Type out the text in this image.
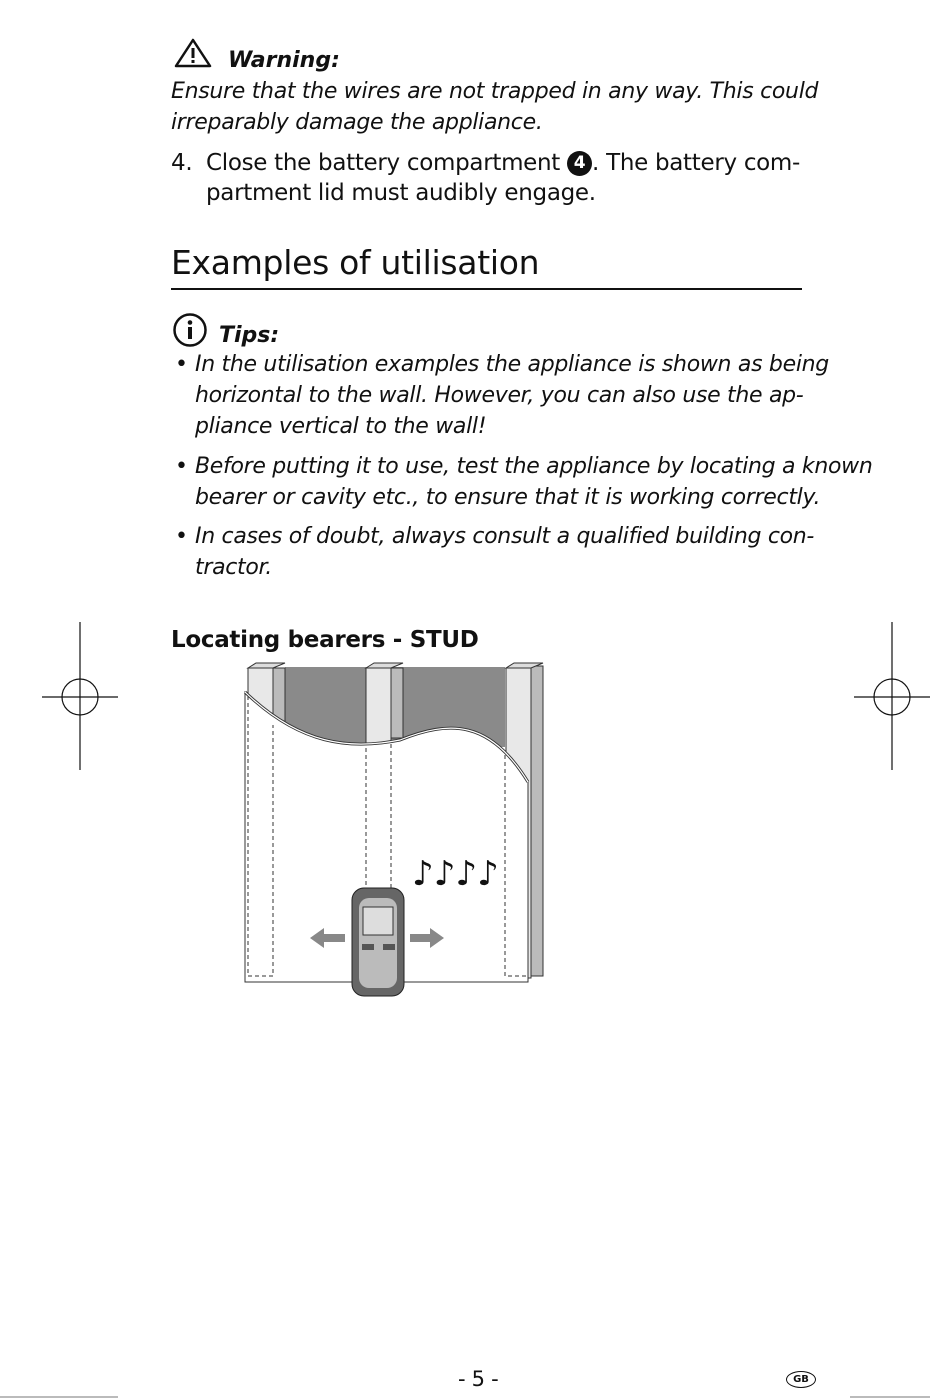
Warning:
Ensure that the wires are not trapped in any way. This could
irreparably damage the appliance.
4. Close the battery compartment 4 . The battery com-
partment lid must audibly engage.
Examples of utilisation
Tips:
• In the utilisation examples the appliance is shown as being
horizontal to the wall. However, you can also use the ap-
pliance vertical to the wall!
• Before putting it to use, test the appliance by locating a known
bearer or cavity etc., to ensure that it is working correctly.
• In cases of doubt, always consult a qualified building con-
tractor.
Locating bearers - STUD
♪♪♪♪
- 5 -	GB
